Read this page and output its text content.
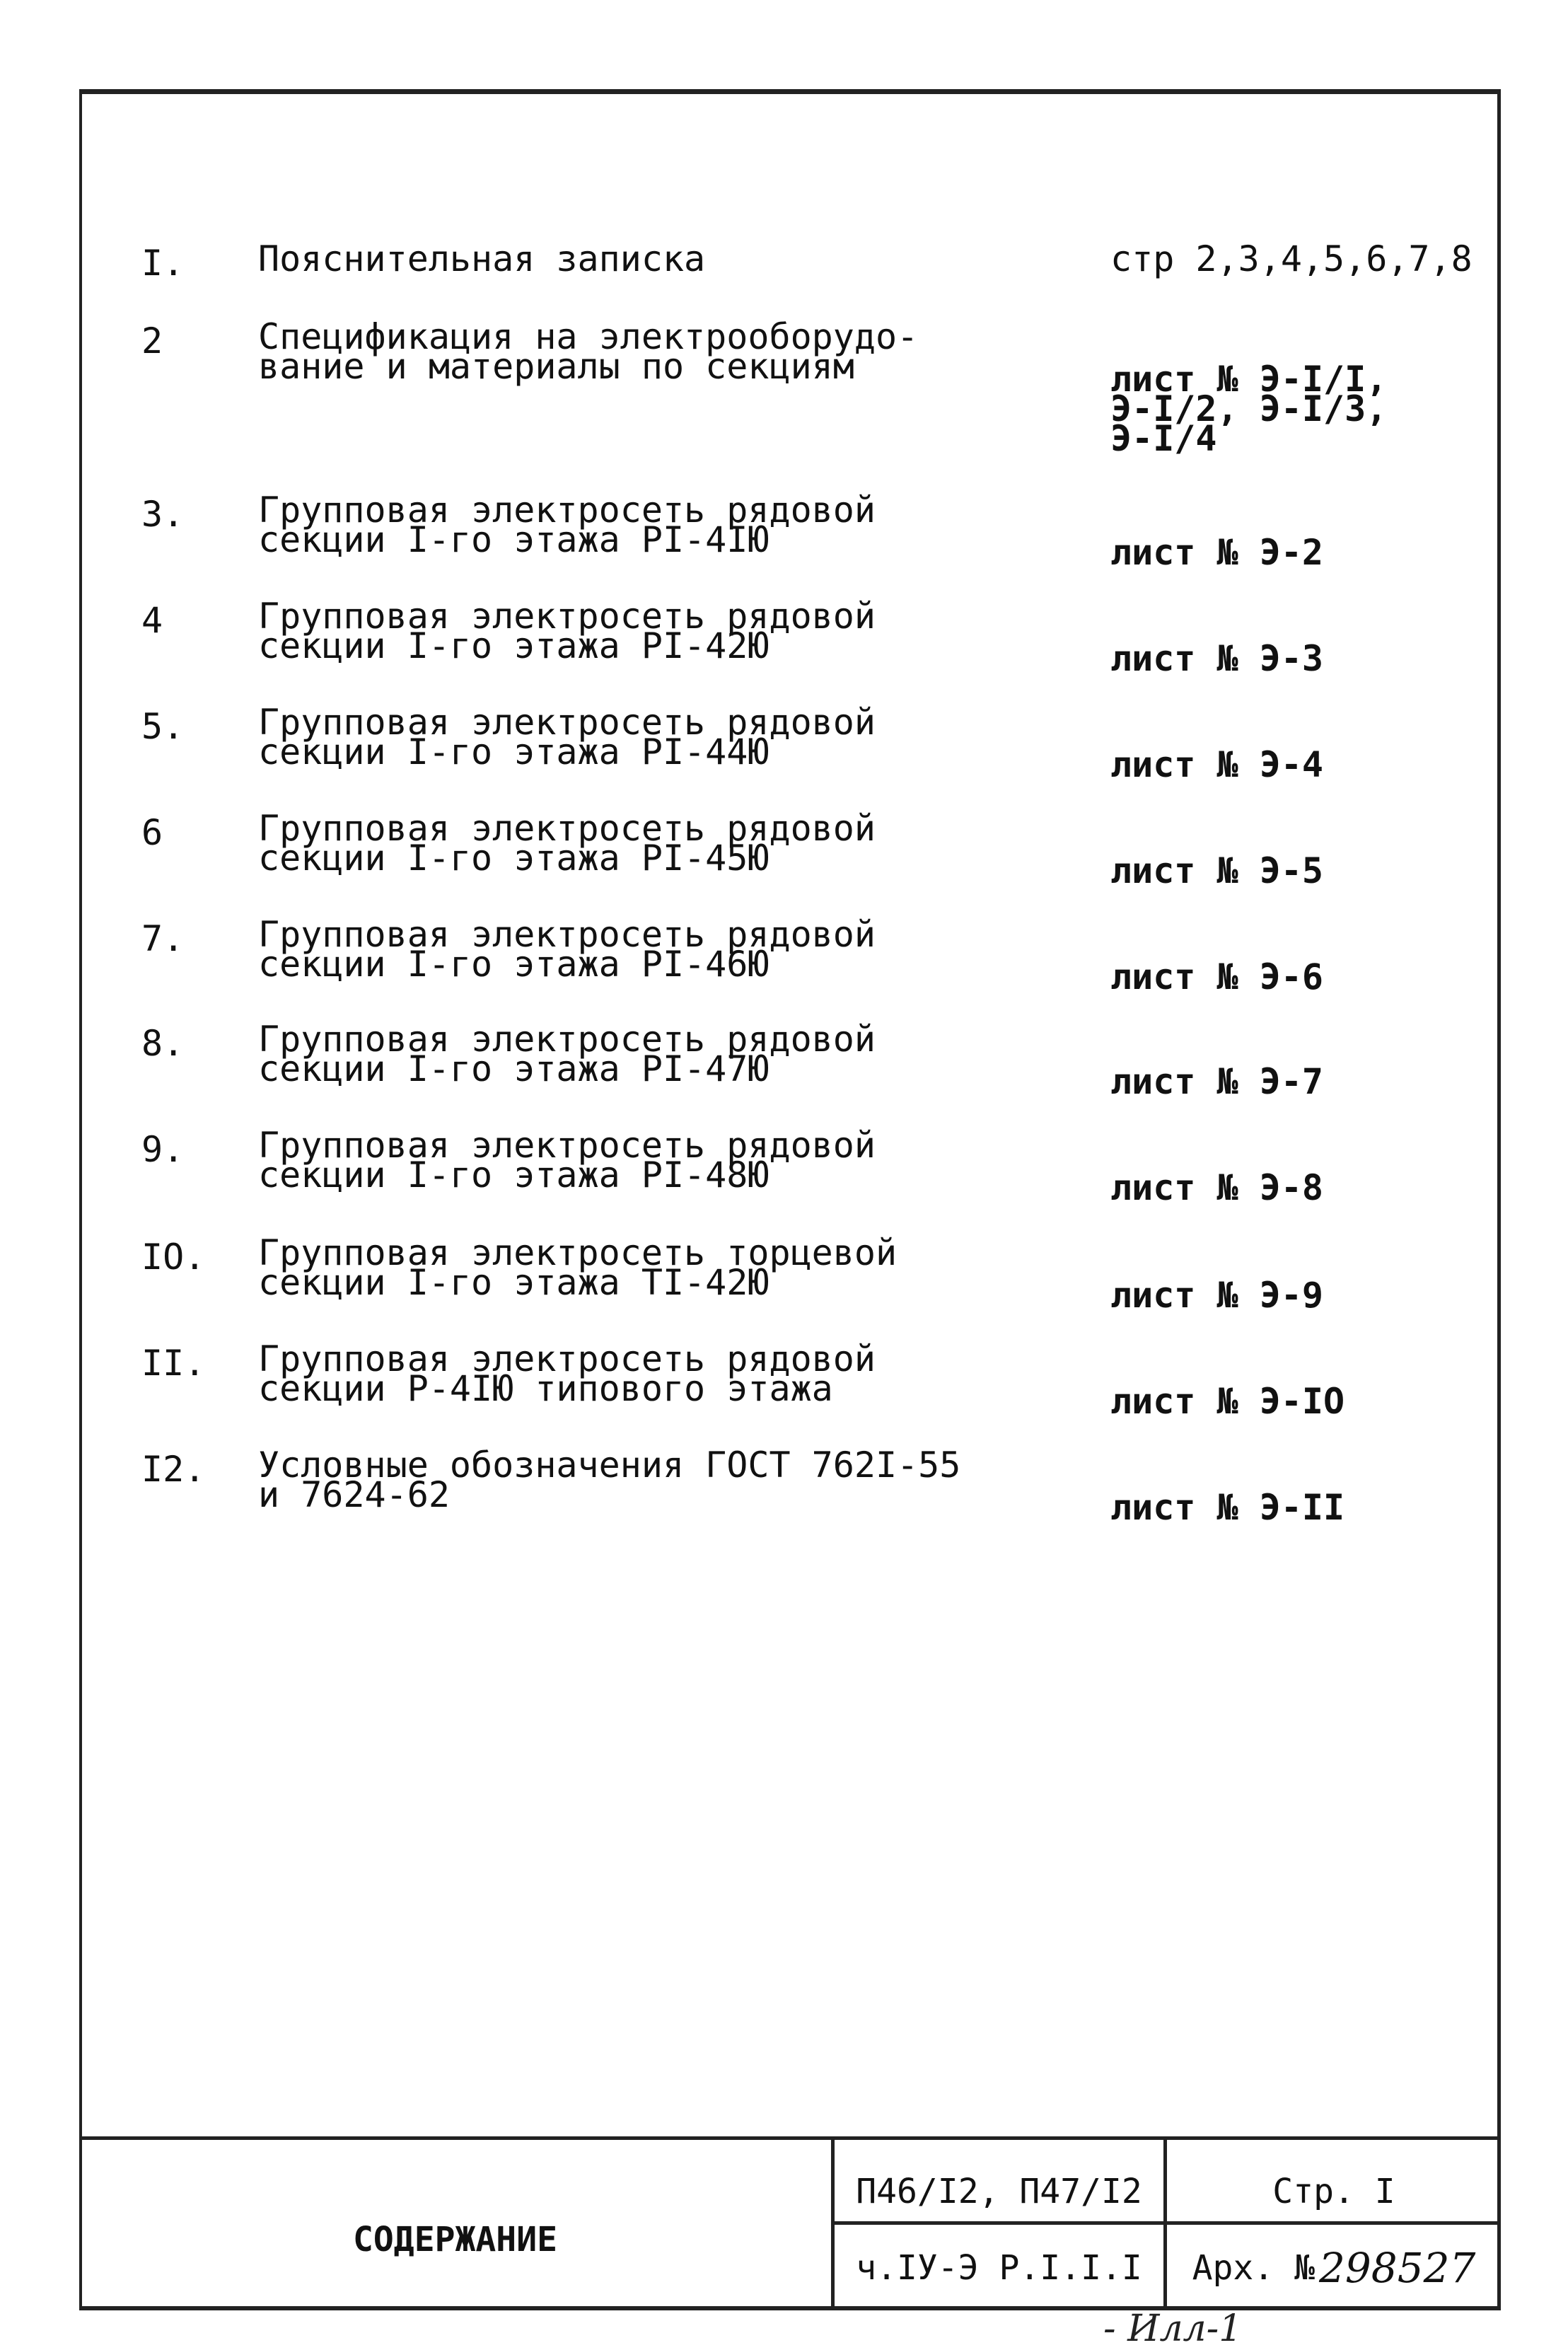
I. Пояснительная записка	стр 2,3,4,5,6,7,8
2	Спецификация на электрооборудо-
вание и материалы по секциям	лист № Э-I/I,
Э-I/2, Э-I/3,
Э-I/4
3. Групповая электросеть рядовой
секции I-го этажа PI-4IЮ	лист № Э-2
4	Групповая электросеть рядовой
секции I-го этажа PI-42Ю	лист № Э-3
5. Групповая электросеть рядовой
секции I-го этажа PI-44Ю	лист № Э-4
6	Групповая электросеть рядовой
секции I-го этажа PI-45Ю	лист № Э-5
7. Групповая электросеть рядовой
секции I-го этажа PI-46Ю	лист № Э-6
8. Групповая электросеть рядовой
секции I-го этажа PI-47Ю	лист № Э-7
9. Групповая электросеть рядовой
секции I-го этажа PI-48Ю	лист № Э-8
IO. Групповая электросеть торцевой
секции I-го этажа TI-42Ю	лист № Э-9
II. Групповая электросеть рядовой
секции P-4IЮ типового этажа	лист № Э-IO
I2. Условные обозначения ГОСТ 762I-55
и 7624-62	лист № Э-II
СОДЕРЖАНИЕ
П46/I2, П47/I2	Стр. I
ч.IУ-Э Р.I.I.I	Арх. № 298527
- Илл-1
